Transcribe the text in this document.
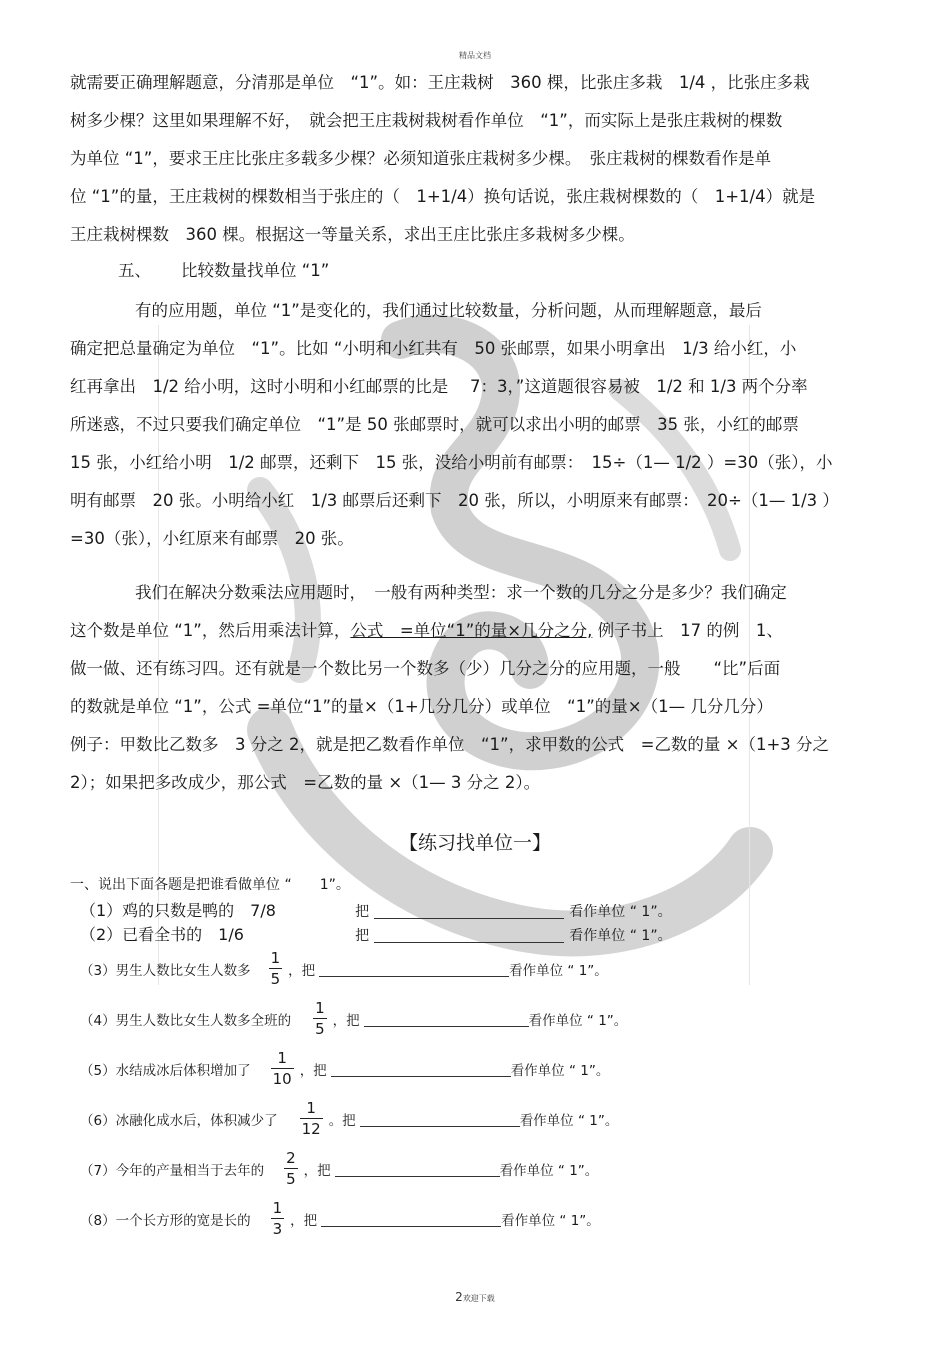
精品文档
就需要正确理解题意，分清那是单位　“1”。如：王庄栽树　360 棵，比张庄多栽　1/4 ，比张庄多栽
树多少棵？这里如果理解不好，　就会把王庄栽树栽树看作单位　“1”，而实际上是张庄栽树的棵数
为单位 “1”，要求王庄比张庄多载多少棵？必须知道张庄栽树多少棵。　张庄栽树的棵数看作是单
位 “1”的量，王庄栽树的棵数相当于张庄的（　1+1/4）换句话说，张庄栽树棵数的（　1+1/4）就是
王庄栽树棵数　360 棵。根据这一等量关系，求出王庄比张庄多栽树多少棵。
五、　　 比较数量找单位 “1”
有的应用题，单位 “1”是变化的，我们通过比较数量，分析问题，从而理解题意，最后
确定把总量确定为单位　“1”。比如 “小明和小红共有　50 张邮票，如果小明拿出　1/3 给小红，小
红再拿出　1/2 给小明，这时小明和小红邮票的比是　 7：3，”这道题很容易被　1/2 和 1/3 两个分率
所迷惑，不过只要我们确定单位　“1”是 50 张邮票时，就可以求出小明的邮票　35 张，小红的邮票
15 张，小红给小明　1/2 邮票，还剩下　15 张，没给小明前有邮票：　15÷（1— 1/2 ）=30（张），小
明有邮票　20 张。小明给小红　1/3 邮票后还剩下　20 张，所以，小明原来有邮票：　20÷（1— 1/3 ）
=30（张），小红原来有邮票　20 张。
我们在解决分数乘法应用题时，　一般有两种类型：求一个数的几分之分是多少？我们确定
这个数是单位 “1”，然后用乘法计算，公式　=单位“1”的量×几分之分, 例子书上　17 的例　1、
做一做、还有练习四。还有就是一个数比另一个数多（少）几分之分的应用题，一般　　“比”后面
的数就是单位 “1”，公式 =单位“1”的量×（1+几分几分）或单位　“1”的量×（1— 几分几分）
例子：甲数比乙数多　3 分之 2，就是把乙数看作单位　“1”，求甲数的公式　=乙数的量 ×（1+3 分之
2）；如果把多改成少，那公式　=乙数的量 ×（1— 3 分之 2）。
【练习找单位一】
一、说出下面各题是把谁看做单位 “　　1”。
（1）鸡的只数是鸭的　7/8	把	看作单位 “ 1”。
（2）已看全书的　1/6	把	看作单位 “ 1”。
（3）男生人数比女生人数多 $\frac{1}{5}$ ，把	看作单位 “ 1”。
（4）男生人数比女生人数多全班的 $\frac{1}{5}$ ，把	看作单位 “ 1”。
（5）水结成冰后体积增加了 $\frac{1}{10}$ ，把	看作单位 “ 1”。
（6）冰融化成水后，体积减少了 $\frac{1}{12}$ 。把	看作单位 “ 1”。
（7）今年的产量相当于去年的 $\frac{2}{5}$ ，把	看作单位 “ 1”。
（8）一个长方形的宽是长的 $\frac{1}{3}$ ，把	看作单位 “ 1”。
2欢迎下载
